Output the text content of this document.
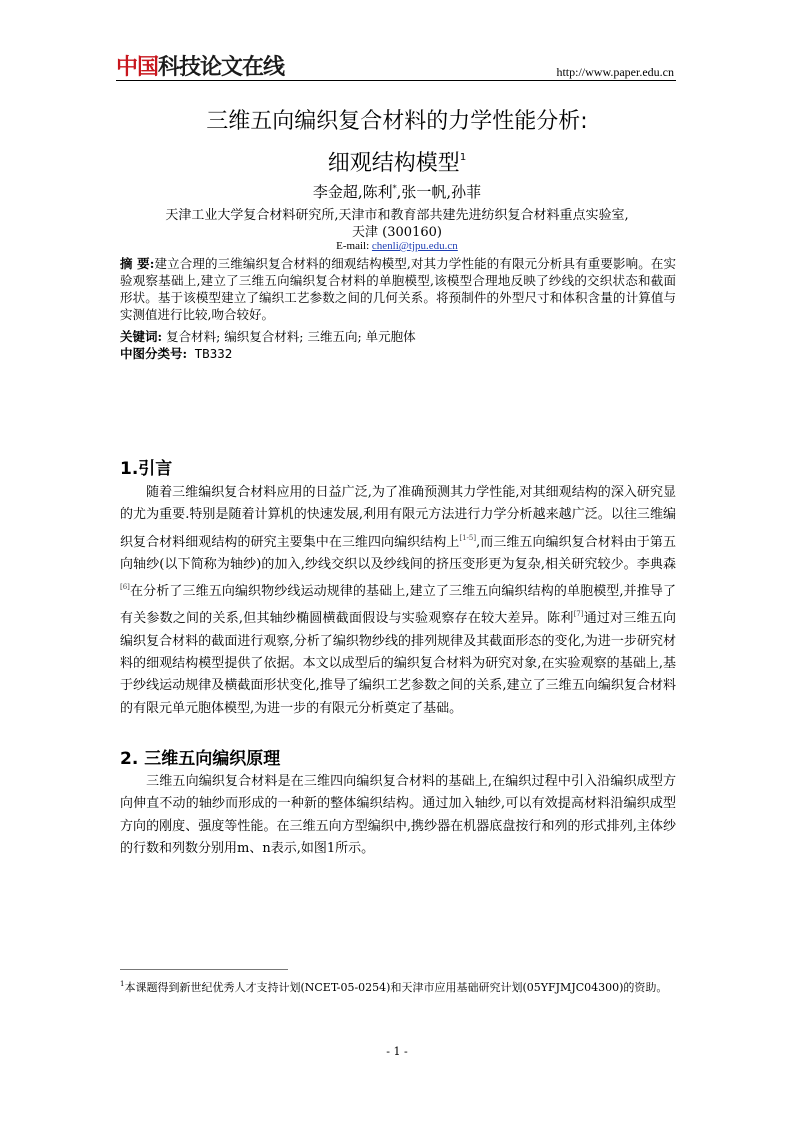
中国 科技论文在线	http://www.paper.edu.cn
三维五向编织复合材料的力学性能分析:
细观结构模型$^1$
李金超,陈利*,张一帆,孙菲
天津工业大学复合材料研究所,天津市和教育部共建先进纺织复合材料重点实验室,
天津 (300160)
E-mail: chenli@tjpu.edu.cn
摘 要:建立合理的三维编织复合材料的细观结构模型,对其力学性能的有限元分析具有重要影响。在实验观察基础上,建立了三维五向编织复合材料的单胞模型,该模型合理地反映了纱线的交织状态和截面形状。基于该模型建立了编织工艺参数之间的几何关系。将预制件的外型尺寸和体积含量的计算值与实测值进行比较,吻合较好。
关键词: 复合材料; 编织复合材料; 三维五向; 单元胞体
中图分类号: TB332
1.引言

  随着三维编织复合材料应用的日益广泛,为了准确预测其力学性能,对其细观结构的深入研究显的尤为重要.特别是随着计算机的快速发展,利用有限元方法进行力学分析越来越广泛。以往三维编织复合材料细观结构的研究主要集中在三维四向编织结构上[1-5],而三维五向编织复合材料由于第五向轴纱(以下简称为轴纱)的加入,纱线交织以及纱线间的挤压变形更为复杂,相关研究较少。李典森[6]在分析了三维五向编织物纱线运动规律的基础上,建立了三维五向编织结构的单胞模型,并推导了有关参数之间的关系,但其轴纱椭圆横截面假设与实验观察存在较大差异。陈利[7]通过对三维五向编织复合材料的截面进行观察,分析了编织物纱线的排列规律及其截面形态的变化,为进一步研究材料的细观结构模型提供了依据。本文以成型后的编织复合材料为研究对象,在实验观察的基础上,基于纱线运动规律及横截面形状变化,推导了编织工艺参数之间的关系,建立了三维五向编织复合材料的有限元单元胞体模型,为进一步的有限元分析奠定了基础。

2. 三维五向编织原理

  三维五向编织复合材料是在三维四向编织复合材料的基础上,在编织过程中引入沿编织成型方向伸直不动的轴纱而形成的一种新的整体编织结构。通过加入轴纱,可以有效提高材料沿编织成型方向的刚度、强度等性能。在三维五向方型编织中,携纱器在机器底盘按行和列的形式排列,主体纱的行数和列数分别用m、n表示,如图1所示。

$^1$本课题得到新世纪优秀人才支持计划(NCET-05-0254)和天津市应用基础研究计划(05YFJMJC04300)的资助。
- 1 -
